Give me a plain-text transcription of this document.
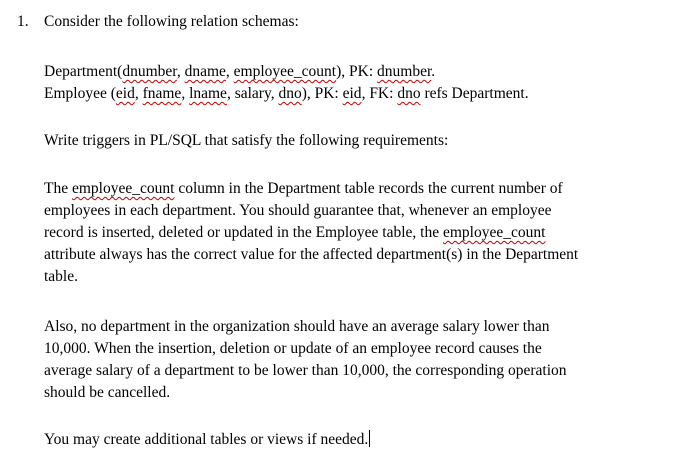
1. Consider the following relation schemas:
Department(dnumber, dname, employee_count), PK: dnumber.
Employee (eid, fname, lname, salary, dno), PK: eid, FK: dno refs Department.
Write triggers in PL/SQL that satisfy the following requirements:
The employee_count column in the Department table records the current number of
employees in each department. You should guarantee that, whenever an employee
record is inserted, deleted or updated in the Employee table, the employee_count
attribute always has the correct value for the affected department(s) in the Department
table.
Also, no department in the organization should have an average salary lower than
10,000. When the insertion, deletion or update of an employee record causes the
average salary of a department to be lower than 10,000, the corresponding operation
should be cancelled.
You may create additional tables or views if needed.
